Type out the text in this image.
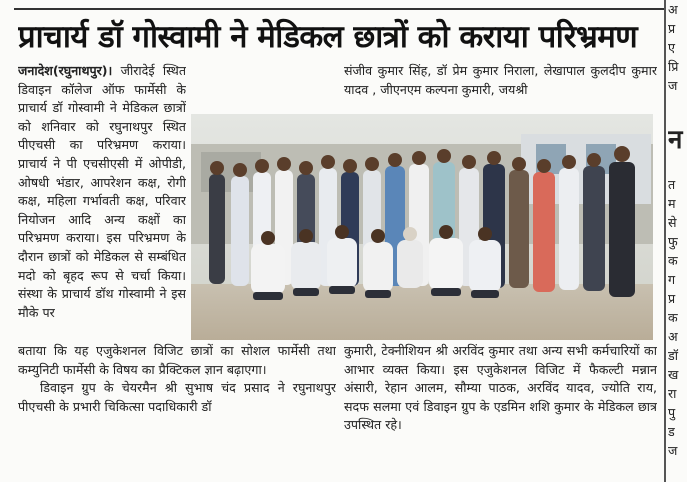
प्राचार्य डॉ गोस्वामी ने मेडिकल छात्रों को कराया परिभ्रमण
जनादेश(रघुनाथपुर)। जीरादेई स्थित डिवाइन कॉलेज ऑफ फार्मेसी के प्राचार्य डॉ गोस्वामी ने मेडिकल छात्रों को शनिवार को रघुनाथपुर स्थित पीएचसी का परिभ्रमण कराया। प्राचार्य ने पी एचसीएसी में ओपीडी, ओषधी भंडार, आपरेशन कक्ष, रोगी कक्ष, महिला गर्भावती कक्ष, परिवार नियोजन आदि अन्य कक्षों का परिभ्रमण कराया। इस परिभ्रमण के दौरान छात्रों को मेडिकल से सम्बंधित मदो को बृहद रूप से चर्चा किया। संस्था के प्राचार्य डॉथ गोस्वामी ने इस मौके पर
संजीव कुमार सिंह, डॉ प्रेम कुमार निराला, लेखापाल कुलदीप कुमार यादव , जीएनएम कल्पना कुमारी, जयश्री
बताया कि यह एजुकेशनल विजिट छात्रों का सोशल फार्मेसी तथा कम्युनिटी फार्मेसी के विषय का प्रैक्टिकल ज्ञान बढ़ाएगा।
डिवाइन ग्रुप के चेयरमैन श्री सुभाष चंद प्रसाद ने रघुनाथपुर पीएचसी के प्रभारी चिकित्सा पदाधिकारी डॉ
कुमारी, टेक्नीशियन श्री अरविंद कुमार तथा अन्य सभी कर्मचारियों का आभार व्यक्त किया। इस एजुकेशनल विजिट में फैकल्टी मन्नान अंसारी, रेहान आलम, सौम्या पाठक, अरविंद यादव, ज्योति राय, सदफ सलमा एवं डिवाइन ग्रुप के एडमिन शशि कुमार के मेडिकल छात्र उपस्थित रहे।
अ
प्र
ए
प्रि
ज
न
त
म
से
फु
क
ग
प्र
क
अ
डॉ
ख
रा
पु
ड
ज
